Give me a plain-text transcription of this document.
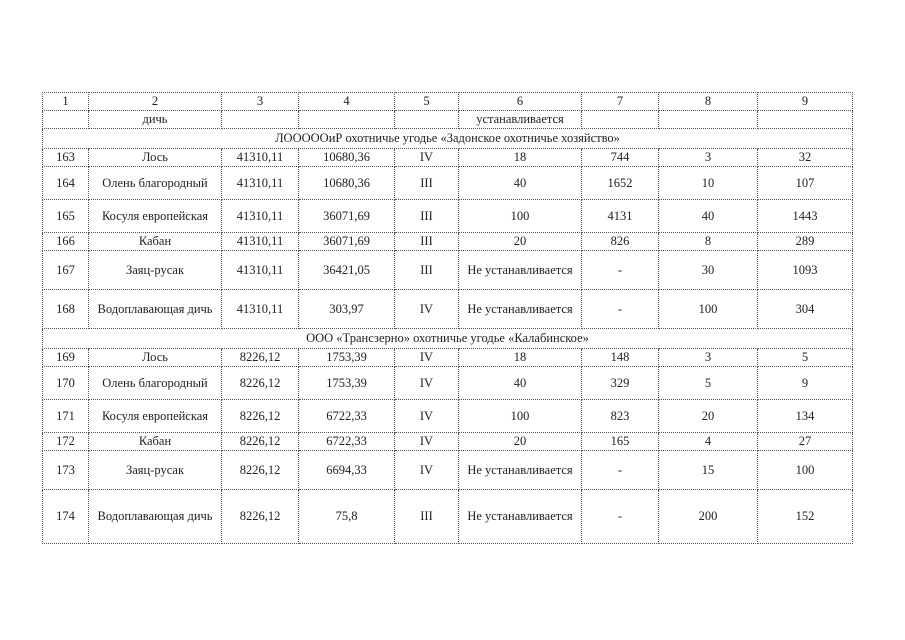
1	2	3	4	5	6	7	8	9
	дичь				устанавливается			
ЛОООООиР охотничье угодье «Задонское охотничье хозяйство»								
163	Лось	41310,11	10680,36	IV	18	744	3	32
164	Олень благородный	41310,11	10680,36	III	40	1652	10	107
165	Косуля европейская	41310,11	36071,69	III	100	4131	40	1443
166	Кабан	41310,11	36071,69	III	20	826	8	289
167	Заяц-русак	41310,11	36421,05	III	Не устанавливается	-	30	1093
168	Водоплавающая дичь	41310,11	303,97	IV	Не устанавливается	-	100	304
ООО «Трансзерно» охотничье угодье «Калабинское»								
169	Лось	8226,12	1753,39	IV	18	148	3	5
170	Олень благородный	8226,12	1753,39	IV	40	329	5	9
171	Косуля европейская	8226,12	6722,33	IV	100	823	20	134
172	Кабан	8226,12	6722,33	IV	20	165	4	27
173	Заяц-русак	8226,12	6694,33	IV	Не устанавливается	-	15	100
174	Водоплавающая дичь	8226,12	75,8	III	Не устанавливается	-	200	152
